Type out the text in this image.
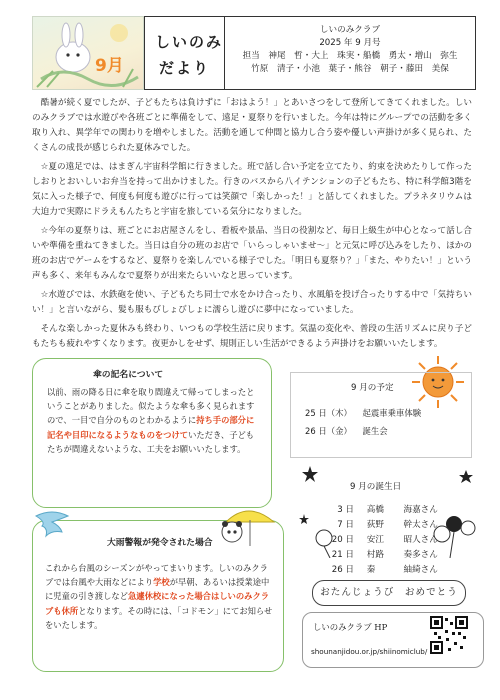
9月
しいのみ
だより
しいのみクラブ
2025 年 9 月号
担当　神尾　哲・大上　珠実・船橋　勇太・増山　弥生
竹原　清子・小池　葉子・熊谷　朝子・藤田　美保

酷暑が続く夏でしたが、子どもたちは負けずに「おはよう！」とあいさつをして登所してきてくれました。しいのみクラブでは水遊びや各班ごとに準備をして、遠足・夏祭りを行いました。今年は特にグループでの活動を多く取り入れ、異学年での関わりを増やしました。活動を通して仲間と協力し合う姿や優しい声掛けが多く見られ、たくさんの成長が感じられた夏休みでした。

☆夏の遠足では、はまぎん宇宙科学館に行きました。班で話し合い予定を立てたり、約束を決めたりして作ったしおりとおいしいお弁当を持って出かけました。行きのバスから八イテンションの子どもたち、特に科学館3階を気に入った様子で、何度も何度も遊びに行っては笑顔で「楽しかった！」と話してくれました。プラネタリウムは大迫力で実際にドラえもんたちと宇宙を旅している気分になりました。

☆今年の夏祭りは、班ごとにお店屋さんをし、看板や景品、当日の役割など、毎日上級生が中心となって話し合いや準備を重ねてきました。当日は自分の班のお店で「いらっしゃいませ～」と元気に呼び込みをしたり、ほかの班のお店でゲームをするなど、夏祭りを楽しんでいる様子でした。「明日も夏祭り？」「また、やりたい！」という声も多く、来年もみんなで夏祭りが出来たらいいなと思っています。

☆水遊びでは、水鉄砲を使い、子どもたち同士で水をかけ合ったり、水風船を投げ合ったりする中で「気持ちいい！」と言いながら、髪も服もびしょびしょに濡らし遊びに夢中になっていました。

そんな楽しかった夏休みも終わり、いつもの学校生活に戻ります。気温の変化や、普段の生活リズムに戻り子どもたちも疲れやすくなります。夜更かしをせず、規則正しい生活ができるよう声掛けをお願いいたします。

傘の記名について
以前、雨の降る日に傘を取り間違えて帰ってしまったということがありました。似たような傘も多く見られますので、一目で自分のものとわかるように持ち手の部分に記名や目印になるようなものをつけていただき、子どもたちが間違えないような、工夫をお願いいたします。
大雨警報が発令された場合
これから台風のシーズンがやってまいります。しいのみクラブでは台風や大雨などにより学校が早朝、あるいは授業途中に児童の引き渡しなど急遽休校になった場合はしいのみクラブも休所となります。その時には、「コドモン」にてお知らせをいたします。
9 月の予定
25 日（木） 起震車乗車体験
26 日（金） 誕生会
9 月の誕生日
3 日 高橋 海嘉さん
7 日 荻野 幹太さん
20 日 安江 昭人さん
21 日 村路 奏多さん
26 日 秦	紬綺さん
おたんじょうび　おめでとう
しいのみクラブ HP
shounanjidou.or.jp/shiinomiclub/
